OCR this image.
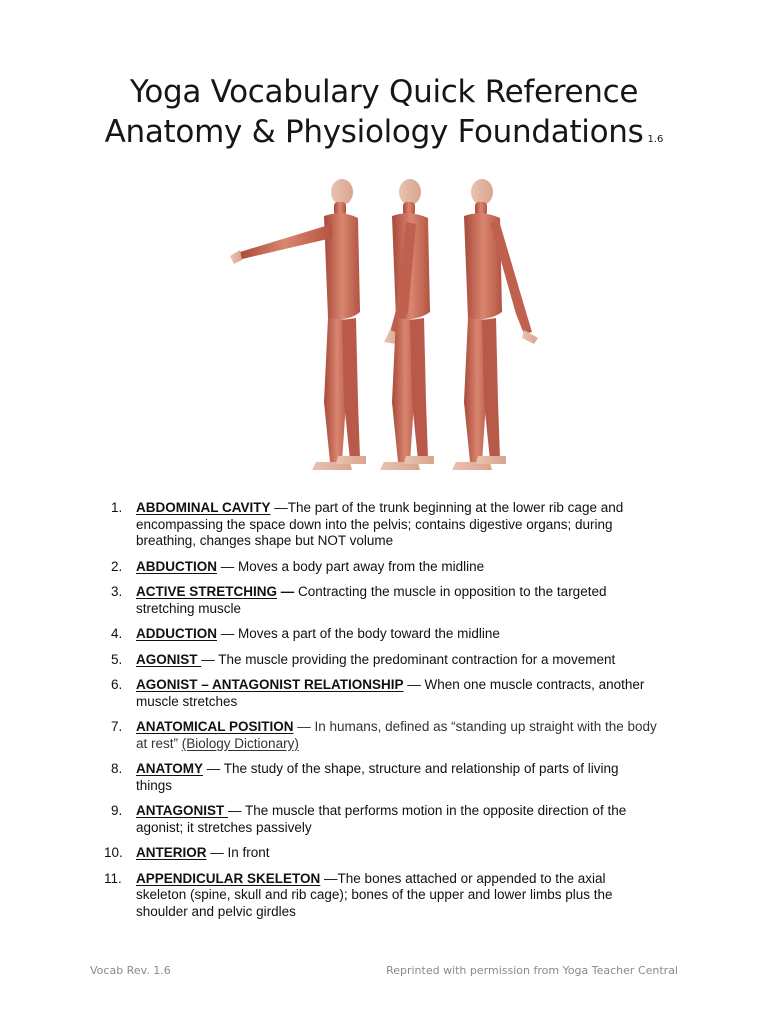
Yoga Vocabulary Quick Reference
Anatomy & Physiology Foundations 1.6
1. ABDOMINAL CAVITY —The part of the trunk beginning at the lower rib cage and encompassing the space down into the pelvis; contains digestive organs; during breathing, changes shape but NOT volume
2. ABDUCTION — Moves a body part away from the midline
3. ACTIVE STRETCHING — Contracting the muscle in opposition to the targeted stretching muscle
4. ADDUCTION — Moves a part of the body toward the midline
5. AGONIST — The muscle providing the predominant contraction for a movement
6. AGONIST – ANTAGONIST RELATIONSHIP — When one muscle contracts, another muscle stretches
7. ANATOMICAL POSITION — In humans, defined as “standing up straight with the body at rest” (Biology Dictionary)
8. ANATOMY — The study of the shape, structure and relationship of parts of living things
9. ANTAGONIST — The muscle that performs motion in the opposite direction of the agonist; it stretches passively
10. ANTERIOR — In front
11. APPENDICULAR SKELETON —The bones attached or appended to the axial skeleton (spine, skull and rib cage); bones of the upper and lower limbs plus the shoulder and pelvic girdles
Vocab Rev. 1.6	Reprinted with permission from Yoga Teacher Central
